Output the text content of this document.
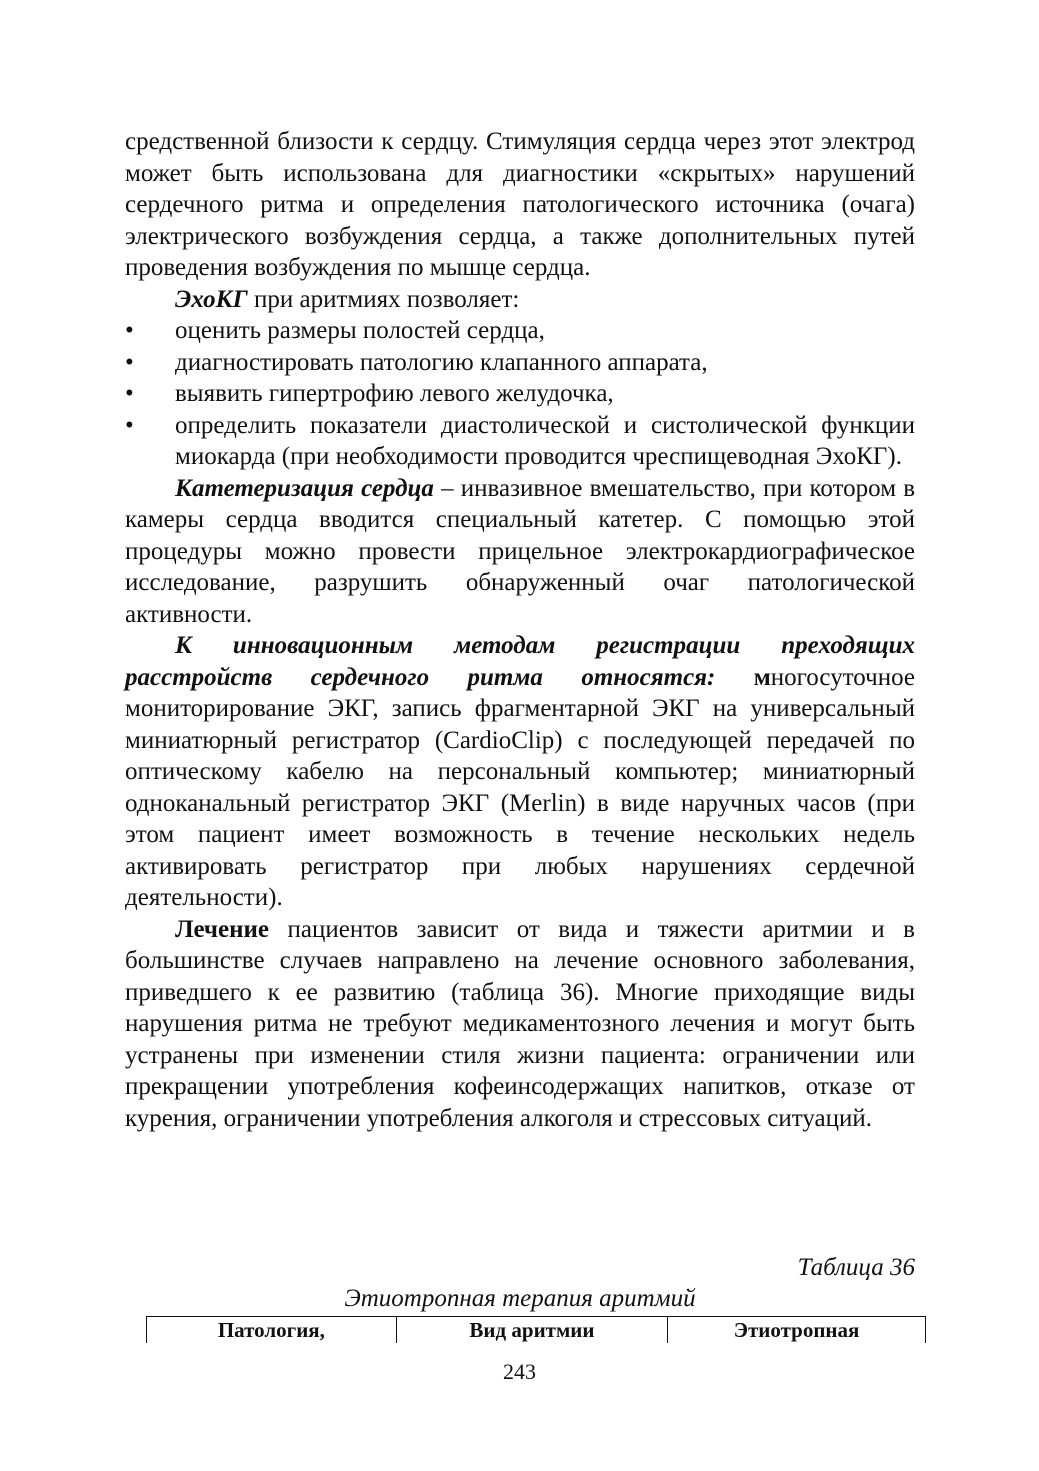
средственной близости к сердцу. Стимуляция сердца через этот электрод может быть использована для диагностики «скрытых» нарушений сердечного ритма и определения патологического источника (очага) электрического возбуждения сердца, а также дополнительных путей проведения возбуждения по мышце сердца.

ЭхоКГ при аритмиях позволяет:

• оценить размеры полостей сердца,
• диагностировать патологию клапанного аппарата,
• выявить гипертрофию левого желудочка,
• определить показатели диастолической и систолической функции миокарда (при необходимости проводится чреспищеводная ЭхоКГ).

Катетеризация сердца – инвазивное вмешательство, при котором в камеры сердца вводится специальный катетер. С помощью этой процедуры можно провести прицельное электрокардиографическое исследование, разрушить обнаруженный очаг патологической активности.

К инновационным методам регистрации преходящих расстройств сердечного ритма относятся: многосуточное мониторирование ЭКГ, запись фрагментарной ЭКГ на универсальный миниатюрный регистратор (CardioClip) с последующей передачей по оптическому кабелю на персональный компьютер; миниатюрный одноканальный регистратор ЭКГ (Merlin) в виде наручных часов (при этом пациент имеет возможность в течение нескольких недель активировать регистратор при любых нарушениях сердечной деятельности).

Лечение пациентов зависит от вида и тяжести аритмии и в большинстве случаев направлено на лечение основного заболевания, приведшего к ее развитию (таблица 36). Многие приходящие виды нарушения ритма не требуют медикаментозного лечения и могут быть устранены при изменении стиля жизни пациента: ограничении или прекращении употребления кофеинсодержащих напитков, отказе от курения, ограничении употребления алкоголя и стрессовых ситуаций.

Таблица 36
Этиотропная терапия аритмий
Патология,	Вид аритмии	Этиотропная
243
